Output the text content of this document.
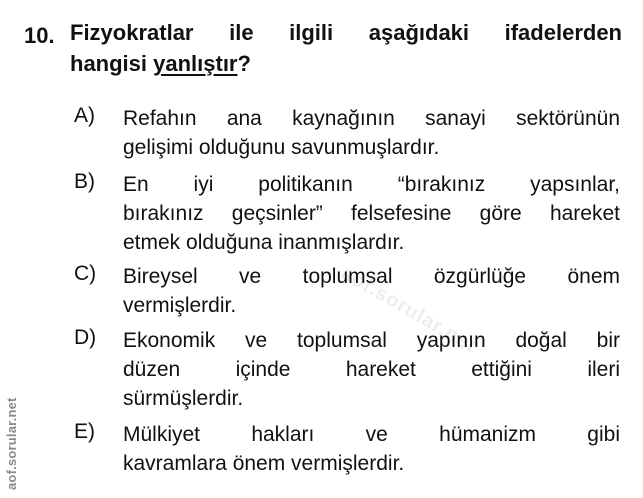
10. Fizyokratlar ile ilgili aşağıdaki ifadelerden
hangisi yanlıştır?
A) Refahın ana kaynağının sanayi sektörünün
gelişimi olduğunu savunmuşlardır.
B) En iyi politikanın “bırakınız yapsınlar,
bırakınız geçsinler” felsefesine göre hareket
etmek olduğuna inanmışlardır.
C) Bireysel ve toplumsal özgürlüğe önem
vermişlerdir.
D) Ekonomik ve toplumsal yapının doğal bir
düzen içinde hareket ettiğini ileri
sürmüşlerdir.
E) Mülkiyet hakları ve hümanizm gibi
kavramlara önem vermişlerdir.
aof.sorular.net
aof.sorular.net
